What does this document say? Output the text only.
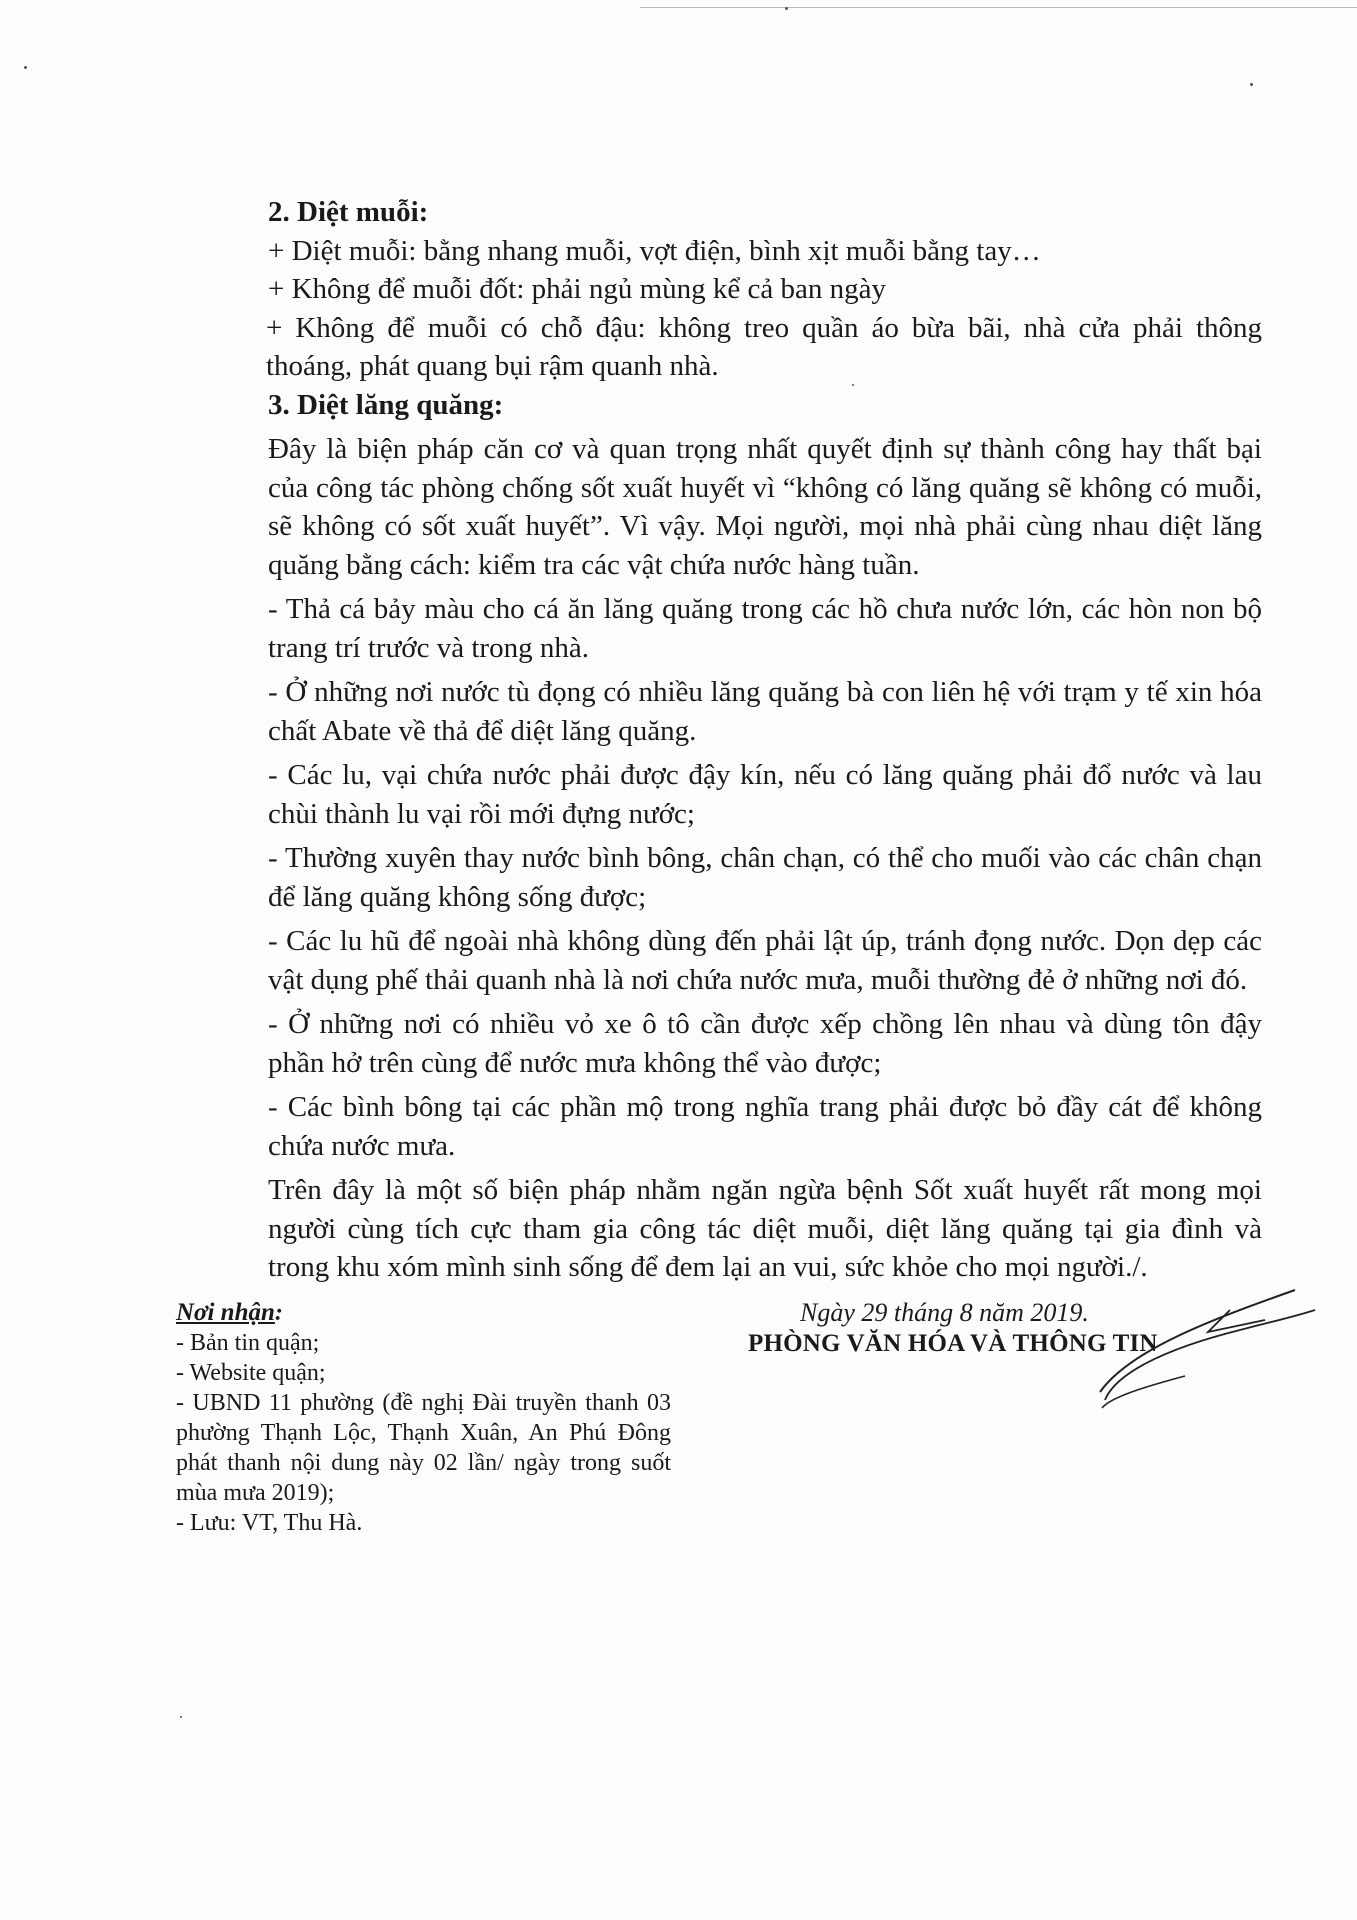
2. Diệt muỗi:

+ Diệt muỗi: bằng nhang muỗi, vợt điện, bình xịt muỗi bằng tay…

+ Không để muỗi đốt: phải ngủ mùng kể cả ban ngày

+ Không để muỗi có chỗ đậu: không treo quần áo bừa bãi, nhà cửa phải thông thoáng, phát quang bụi rậm quanh nhà.

3. Diệt lăng quăng:

Đây là biện pháp căn cơ và quan trọng nhất quyết định sự thành công hay thất bại của công tác phòng chống sốt xuất huyết vì “không có lăng quăng sẽ không có muỗi, sẽ không có sốt xuất huyết”. Vì vậy. Mọi người, mọi nhà phải cùng nhau diệt lăng quăng bằng cách: kiểm tra các vật chứa nước hàng tuần.

- Thả cá bảy màu cho cá ăn lăng quăng trong các hồ chưa nước lớn, các hòn non bộ trang trí trước và trong nhà.

- Ở những nơi nước tù đọng có nhiều lăng quăng bà con liên hệ với trạm y tế xin hóa chất Abate về thả để diệt lăng quăng.

- Các lu, vại chứa nước phải được đậy kín, nếu có lăng quăng phải đổ nước và lau chùi thành lu vại rồi mới đựng nước;

- Thường xuyên thay nước bình bông, chân chạn, có thể cho muối vào các chân chạn để lăng quăng không sống được;

- Các lu hũ để ngoài nhà không dùng đến phải lật úp, tránh đọng nước. Dọn dẹp các vật dụng phế thải quanh nhà là nơi chứa nước mưa, muỗi thường đẻ ở những nơi đó.

- Ở những nơi có nhiều vỏ xe ô tô cần được xếp chồng lên nhau và dùng tôn đậy phần hở trên cùng để nước mưa không thể vào được;

- Các bình bông tại các phần mộ trong nghĩa trang phải được bỏ đầy cát để không chứa nước mưa.

Trên đây là một số biện pháp nhằm ngăn ngừa bệnh Sốt xuất huyết rất mong mọi người cùng tích cực tham gia công tác diệt muỗi, diệt lăng quăng tại gia đình và trong khu xóm mình sinh sống để đem lại an vui, sức khỏe cho mọi người./.

Nơi nhận:
- Bản tin quận;
- Website quận;
- UBND 11 phường (đề nghị Đài truyền thanh 03 phường Thạnh Lộc, Thạnh Xuân, An Phú Đông phát thanh nội dung này 02 lần/ ngày trong suốt mùa mưa 2019);
- Lưu: VT, Thu Hà.
Ngày 29 tháng 8 năm 2019.
PHÒNG VĂN HÓA VÀ THÔNG TIN
